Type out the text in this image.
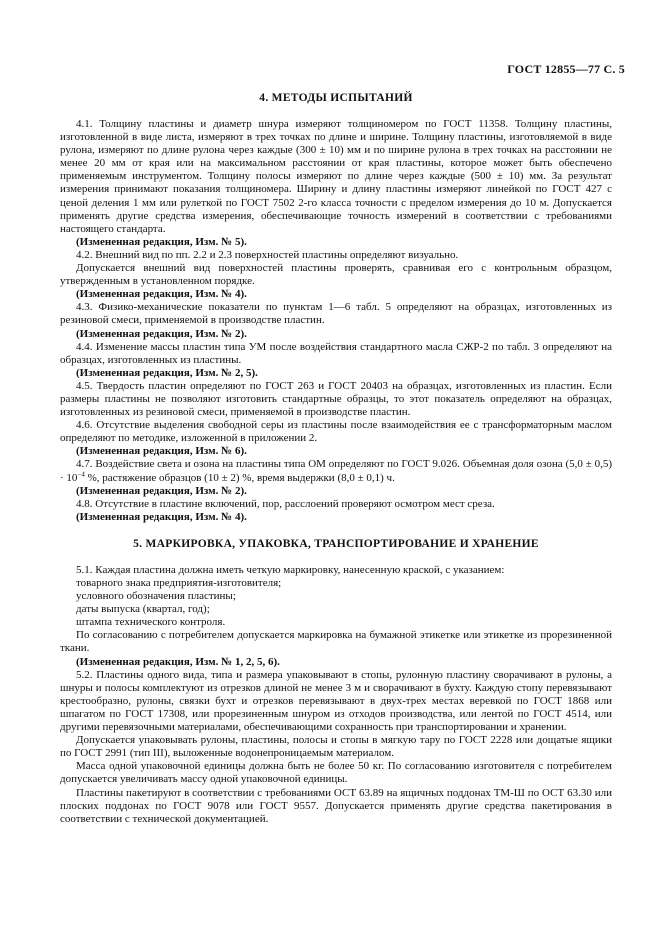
ГОСТ 12855—77 С. 5
4. МЕТОДЫ ИСПЫТАНИЙ

4.1. Толщину пластины и диаметр шнура измеряют толщиномером по ГОСТ 11358. Толщину пластины, изготовленной в виде листа, измеряют в трех точках по длине и ширине. Толщину пластины, изготовляемой в виде рулона, измеряют по длине рулона через каждые (300 ± 10) мм и по ширине рулона в трех точках на расстоянии не менее 20 мм от края или на максимальном расстоянии от края пластины, которое может быть обеспечено применяемым инструментом. Толщину полосы измеряют по длине через каждые (500 ± 10) мм. За результат измерения принимают показания толщиномера. Ширину и длину пластины измеряют линейкой по ГОСТ 427 с ценой деления 1 мм или рулеткой по ГОСТ 7502 2-го класса точности с пределом измерения до 10 м. Допускается применять другие средства измерения, обеспечивающие точность измерений в соответствии с требованиями настоящего стандарта.

(Измененная редакция, Изм. № 5).

4.2. Внешний вид по пп. 2.2 и 2.3 поверхностей пластины определяют визуально.

Допускается внешний вид поверхностей пластины проверять, сравнивая его с контрольным образцом, утвержденным в установленном порядке.

(Измененная редакция, Изм. № 4).

4.3. Физико-механические показатели по пунктам 1—6 табл. 5 определяют на образцах, изготовленных из резиновой смеси, применяемой в производстве пластин.

(Измененная редакция, Изм. № 2).

4.4. Изменение массы пластин типа УМ после воздействия стандартного масла СЖР-2 по табл. 3 определяют на образцах, изготовленных из пластины.

(Измененная редакция, Изм. № 2, 5).

4.5. Твердость пластин определяют по ГОСТ 263 и ГОСТ 20403 на образцах, изготовленных из пластин. Если размеры пластины не позволяют изготовить стандартные образцы, то этот показатель определяют на образцах, изготовленных из резиновой смеси, применяемой в производстве пластин.

4.6. Отсутствие выделения свободной серы из пластины после взаимодействия ее с трансформаторным маслом определяют по методике, изложенной в приложении 2.

(Измененная редакция, Изм. № 6).

4.7. Воздействие света и озона на пластины типа ОМ определяют по ГОСТ 9.026. Объемная доля озона $(5,0 \pm 0,5) \cdot 10^{-4}$ %, растяжение образцов (10 ± 2) %, время выдержки (8,0 ± 0,1) ч.

(Измененная редакция, Изм. № 2).

4.8. Отсутствие в пластине включений, пор, расслоений проверяют осмотром мест среза.

(Измененная редакция, Изм. № 4).

5. МАРКИРОВКА, УПАКОВКА, ТРАНСПОРТИРОВАНИЕ И ХРАНЕНИЕ

5.1. Каждая пластина должна иметь четкую маркировку, нанесенную краской, с указанием:

товарного знака предприятия-изготовителя;

условного обозначения пластины;

даты выпуска (квартал, год);

штампа технического контроля.

По согласованию с потребителем допускается маркировка на бумажной этикетке или этикетке из прорезиненной ткани.

(Измененная редакция, Изм. № 1, 2, 5, 6).

5.2. Пластины одного вида, типа и размера упаковывают в стопы, рулонную пластину сворачивают в рулоны, а шнуры и полосы комплектуют из отрезков длиной не менее 3 м и сворачивают в бухту. Каждую стопу перевязывают крестообразно, рулоны, связки бухт и отрезков перевязывают в двух-трех местах веревкой по ГОСТ 1868 или шпагатом по ГОСТ 17308, или прорезиненным шнуром из отходов производства, или лентой по ГОСТ 4514, или другими перевязочными материалами, обеспечивающими сохранность при транспортировании и хранении.

Допускается упаковывать рулоны, пластины, полосы и стопы в мягкую тару по ГОСТ 2228 или дощатые ящики по ГОСТ 2991 (тип III), выложенные водонепроницаемым материалом.

Масса одной упаковочной единицы должна быть не более 50 кг. По согласованию изготовителя с потребителем допускается увеличивать массу одной упаковочной единицы.

Пластины пакетируют в соответствии с требованиями ОСТ 63.89 на ящичных поддонах ТМ-Ш по ОСТ 63.30 или плоских поддонах по ГОСТ 9078 или ГОСТ 9557. Допускается применять другие средства пакетирования в соответствии с технической документацией.
